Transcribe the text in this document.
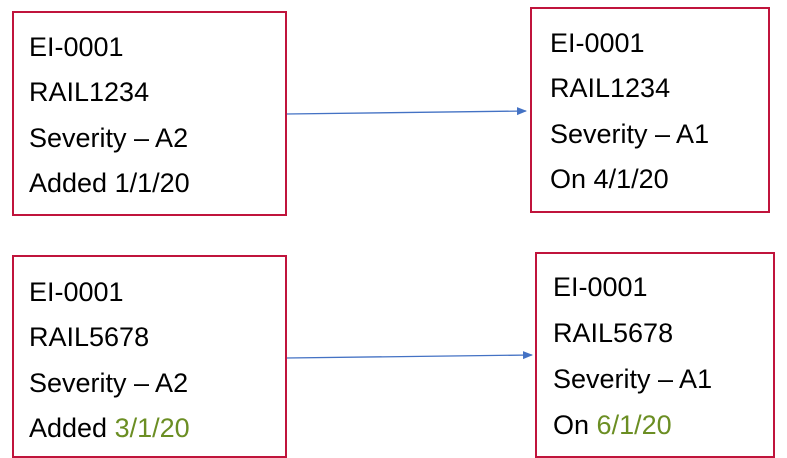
EI-0001
RAIL1234
Severity – A2
Added 1/1/20
EI-0001
RAIL1234
Severity – A1
On 4/1/20
EI-0001
RAIL5678
Severity – A2
Added 3/1/20
EI-0001
RAIL5678
Severity – A1
On 6/1/20
